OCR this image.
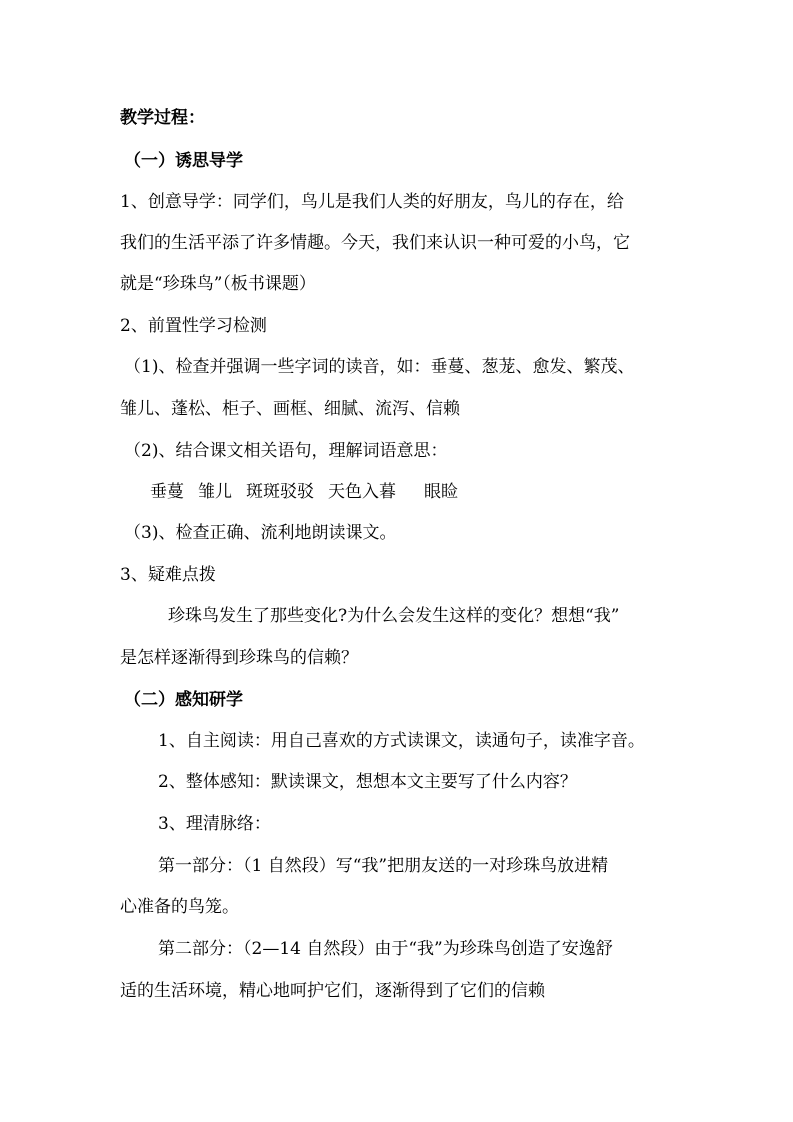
教学过程：
（一）诱思导学
1、创意导学：同学们，鸟儿是我们人类的好朋友，鸟儿的存在，给
我们的生活平添了许多情趣。今天，我们来认识一种可爱的小鸟，它
就是“珍珠鸟”（板书课题）
2、前置性学习检测
（1)、检查并强调一些字词的读音，如：垂蔓、葱茏、愈发、繁茂、
雏儿、蓬松、柜子、画框、细腻、流泻、信赖
（2)、结合课文相关语句，理解词语意思：
垂蔓 雏儿 斑斑驳驳 天色入暮 眼睑
（3)、检查正确、流利地朗读课文。
3、疑难点拨
珍珠鸟发生了那些变化?为什么会发生这样的变化？想想“我”
是怎样逐渐得到珍珠鸟的信赖？
（二）感知研学
1、自主阅读：用自己喜欢的方式读课文，读通句子，读准字音。
2、整体感知：默读课文，想想本文主要写了什么内容？
3、理清脉络：
第一部分：（1 自然段）写“我”把朋友送的一对珍珠鸟放进精
心准备的鸟笼。
第二部分：（2—14 自然段）由于“我”为珍珠鸟创造了安逸舒
适的生活环境，精心地呵护它们，逐渐得到了它们的信赖
